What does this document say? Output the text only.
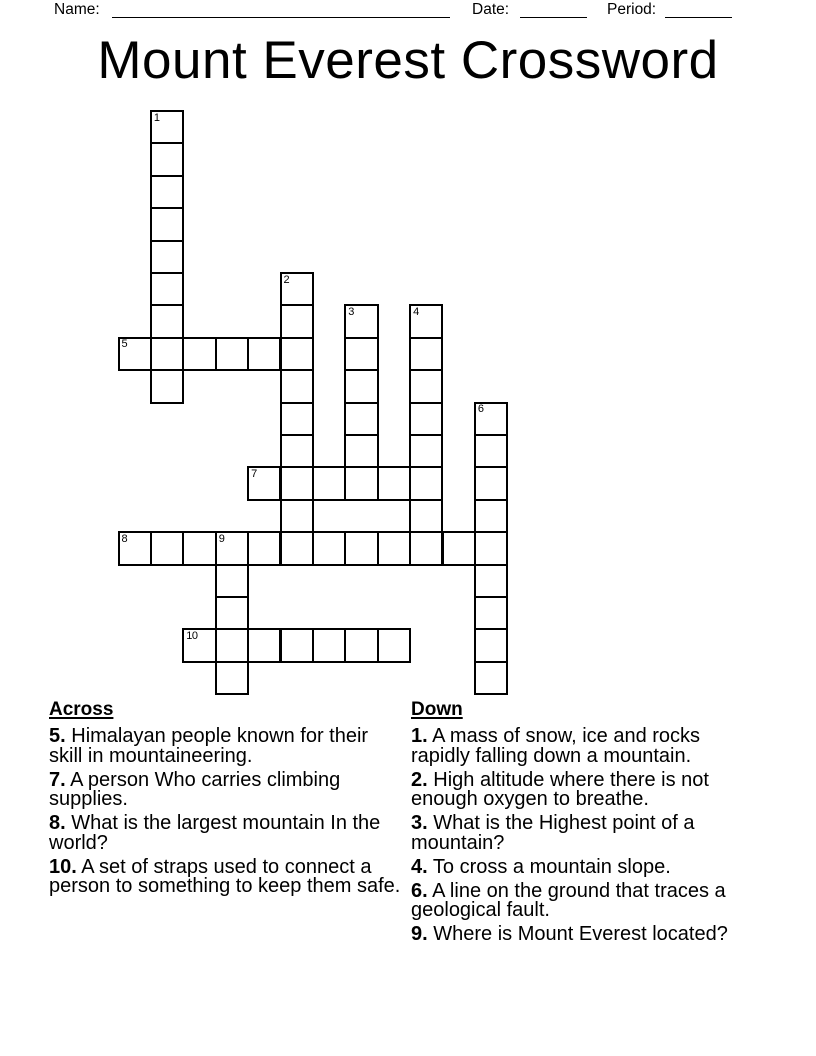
Name:	Date:	Period:
Mount Everest Crossword
1
2
3	4
5
6
7
8	9
10
Across

5. Himalayan people known for their skill in mountaineering.

7. A person Who carries climbing supplies.

8. What is the largest mountain In the world?

10. A set of straps used to connect a person to something to keep them safe.

Down

1. A mass of snow, ice and rocks rapidly falling down a mountain.

2. High altitude where there is not enough oxygen to breathe.

3. What is the Highest point of a mountain?

4. To cross a mountain slope.

6. A line on the ground that traces a geological fault.

9. Where is Mount Everest located?
